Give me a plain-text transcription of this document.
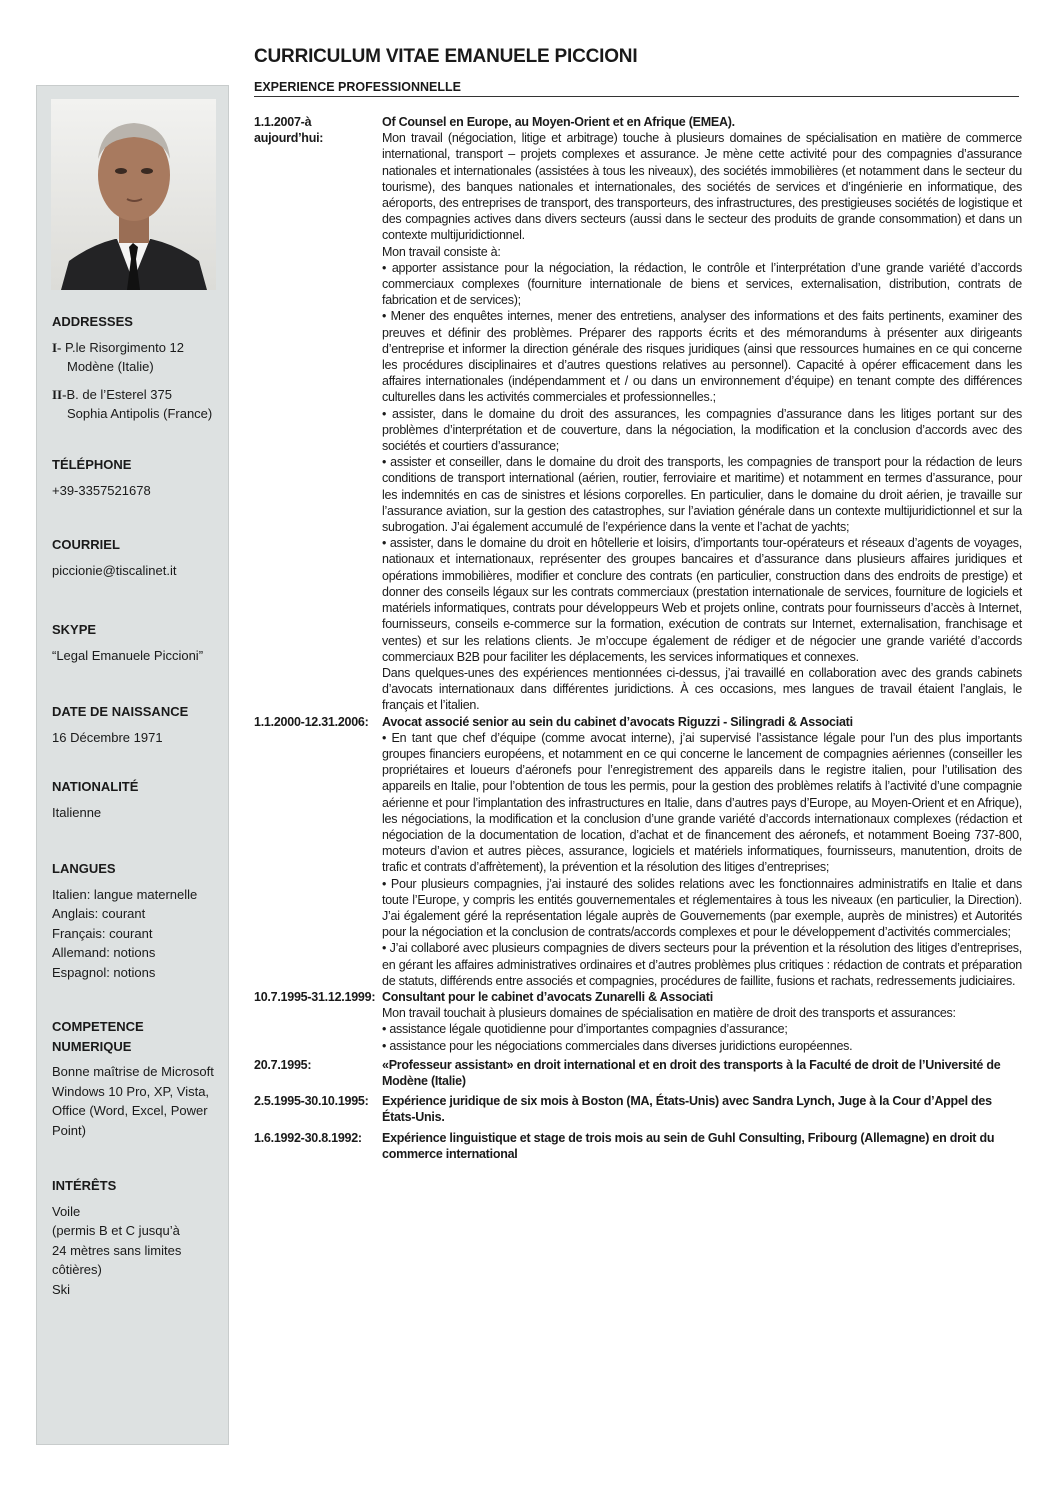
CURRICULUM VITAE EMANUELE PICCIONI
EXPERIENCE PROFESSIONNELLE

ADDRESSES

I- P.le Risorgimento 12

Modène (Italie)

II-B. de l’Esterel 375

Sophia Antipolis (France)

TÉLÉPHONE

+39-3357521678

COURRIEL

piccionie@tiscalinet.it

SKYPE

“Legal Emanuele Piccioni”

DATE DE NAISSANCE

16 Décembre 1971

NATIONALITÉ

Italienne

LANGUES

Italien: langue maternelle

Anglais: courant

Français: courant

Allemand: notions

Espagnol: notions

COMPETENCE

NUMERIQUE

Bonne maîtrise de Microsoft

Windows 10 Pro, XP, Vista,

Office (Word, Excel, Power

Point)

INTÉRÊTS

Voile

(permis B et C jusqu’à

24 mètres sans limites

côtières)

Ski

1.1.2007-à aujourd’hui:
Of Counsel en Europe, au Moyen-Orient et en Afrique (EMEA).

Mon travail (négociation, litige et arbitrage) touche à plusieurs domaines de spécialisation en matière de commerce international, transport – projets complexes et assurance. Je mène cette activité pour des compagnies d’assurance nationales et internationales (assistées à tous les niveaux), des sociétés immobilières (et notamment dans le secteur du tourisme), des banques nationales et internationales, des sociétés de services et d’ingénierie en informatique, des aéroports, des entreprises de transport, des transporteurs, des infrastructures, des prestigieuses sociétés de logistique et des compagnies actives dans divers secteurs (aussi dans le secteur des produits de grande consommation) et dans un contexte multijuridictionnel.

Mon travail consiste à:

• apporter assistance pour la négociation, la rédaction, le contrôle et l’interprétation d’une grande variété d’accords commerciaux complexes (fourniture internationale de biens et services, externalisation, distribution, contrats de fabrication et de services);

• Mener des enquêtes internes, mener des entretiens, analyser des informations et des faits pertinents, examiner des preuves et définir des problèmes. Préparer des rapports écrits et des mémorandums à présenter aux dirigeants d’entreprise et informer la direction générale des risques juridiques (ainsi que ressources humaines en ce qui concerne les procédures disciplinaires et d’autres questions relatives au personnel). Capacité à opérer efficacement dans les affaires internationales (indépendamment et / ou dans un environnement d’équipe) en tenant compte des différences culturelles dans les activités commerciales et professionnelles.;

• assister, dans le domaine du droit des assurances, les compagnies d’assurance dans les litiges portant sur des problèmes d’interprétation et de couverture, dans la négociation, la modification et la conclusion d’accords avec des sociétés et courtiers d’assurance;

• assister et conseiller, dans le domaine du droit des transports, les compagnies de transport pour la rédaction de leurs conditions de transport international (aérien, routier, ferroviaire et maritime) et notamment en termes d’assurance, pour les indemnités en cas de sinistres et lésions corporelles. En particulier, dans le domaine du droit aérien, je travaille sur l’assurance aviation, sur la gestion des catastrophes, sur l’aviation générale dans un contexte multijuridictionnel et sur la subrogation. J’ai également accumulé de l’expérience dans la vente et l’achat de yachts;

• assister, dans le domaine du droit en hôtellerie et loisirs, d’importants tour-opérateurs et réseaux d’agents de voyages, nationaux et internationaux, représenter des groupes bancaires et d’assurance dans plusieurs affaires juridiques et opérations immobilières, modifier et conclure des contrats (en particulier, construction dans des endroits de prestige) et donner des conseils légaux sur les contrats commerciaux (prestation internationale de services, fourniture de logiciels et matériels informatiques, contrats pour développeurs Web et projets online, contrats pour fournisseurs d’accès à Internet, fournisseurs, conseils e-commerce sur la formation, exécution de contrats sur Internet, externalisation, franchisage et ventes) et sur les relations clients. Je m’occupe également de rédiger et de négocier une grande variété d’accords commerciaux B2B pour faciliter les déplacements, les services informatiques et connexes.

Dans quelques-unes des expériences mentionnées ci-dessus, j’ai travaillé en collaboration avec des grands cabinets d’avocats internationaux dans différentes juridictions. À ces occasions, mes langues de travail étaient l’anglais, le français et l’italien.

1.1.2000-12.31.2006:	Avocat associé senior au sein du cabinet d’avocats Riguzzi - Silingradi & Associati

• En tant que chef d’équipe (comme avocat interne), j’ai supervisé l’assistance légale pour l’un des plus importants groupes financiers européens, et notamment en ce qui concerne le lancement de compagnies aériennes (conseiller les propriétaires et loueurs d’aéronefs pour l’enregistrement des appareils dans le registre italien, pour l’utilisation des appareils en Italie, pour l’obtention de tous les permis, pour la gestion des problèmes relatifs à l’activité d’une compagnie aérienne et pour l’implantation des infrastructures en Italie, dans d’autres pays d’Europe, au Moyen-Orient et en Afrique), les négociations, la modification et la conclusion d’une grande variété d’accords internationaux complexes (rédaction et négociation de la documentation de location, d’achat et de financement des aéronefs, et notamment Boeing 737-800, moteurs d’avion et autres pièces, assurance, logiciels et matériels informatiques, fournisseurs, manutention, droits de trafic et contrats d’affrètement), la prévention et la résolution des litiges d’entreprises;

• Pour plusieurs compagnies, j’ai instauré des solides relations avec les fonctionnaires administratifs en Italie et dans toute l’Europe, y compris les entités gouvernementales et réglementaires à tous les niveaux (en particulier, la Direction). J’ai également géré la représentation légale auprès de Gouvernements (par exemple, auprès de ministres) et Autorités pour la négociation et la conclusion de contrats/accords complexes et pour le développement d’activités commerciales;

• J’ai collaboré avec plusieurs compagnies de divers secteurs pour la prévention et la résolution des litiges d’entreprises, en gérant les affaires administratives ordinaires et d’autres problèmes plus critiques : rédaction de contrats et préparation de statuts, différends entre associés et compagnies, procédures de faillite, fusions et rachats, redressements judiciaires.

10.7.1995-31.12.1999: Consultant pour le cabinet d’avocats Zunarelli & Associati

Mon travail touchait à plusieurs domaines de spécialisation en matière de droit des transports et assurances:

• assistance légale quotidienne pour d’importantes compagnies d’assurance;

• assistance pour les négociations commerciales dans diverses juridictions européennes.

20.7.1995:	«Professeur assistant» en droit international et en droit des transports à la Faculté de droit de l’Université de Modène (Italie)
2.5.1995-30.10.1995:	Expérience juridique de six mois à Boston (MA, États-Unis) avec Sandra Lynch, Juge à la Cour d’Appel des États-Unis.
1.6.1992-30.8.1992:	Expérience linguistique et stage de trois mois au sein de Guhl Consulting, Fribourg (Allemagne) en droit du commerce international
